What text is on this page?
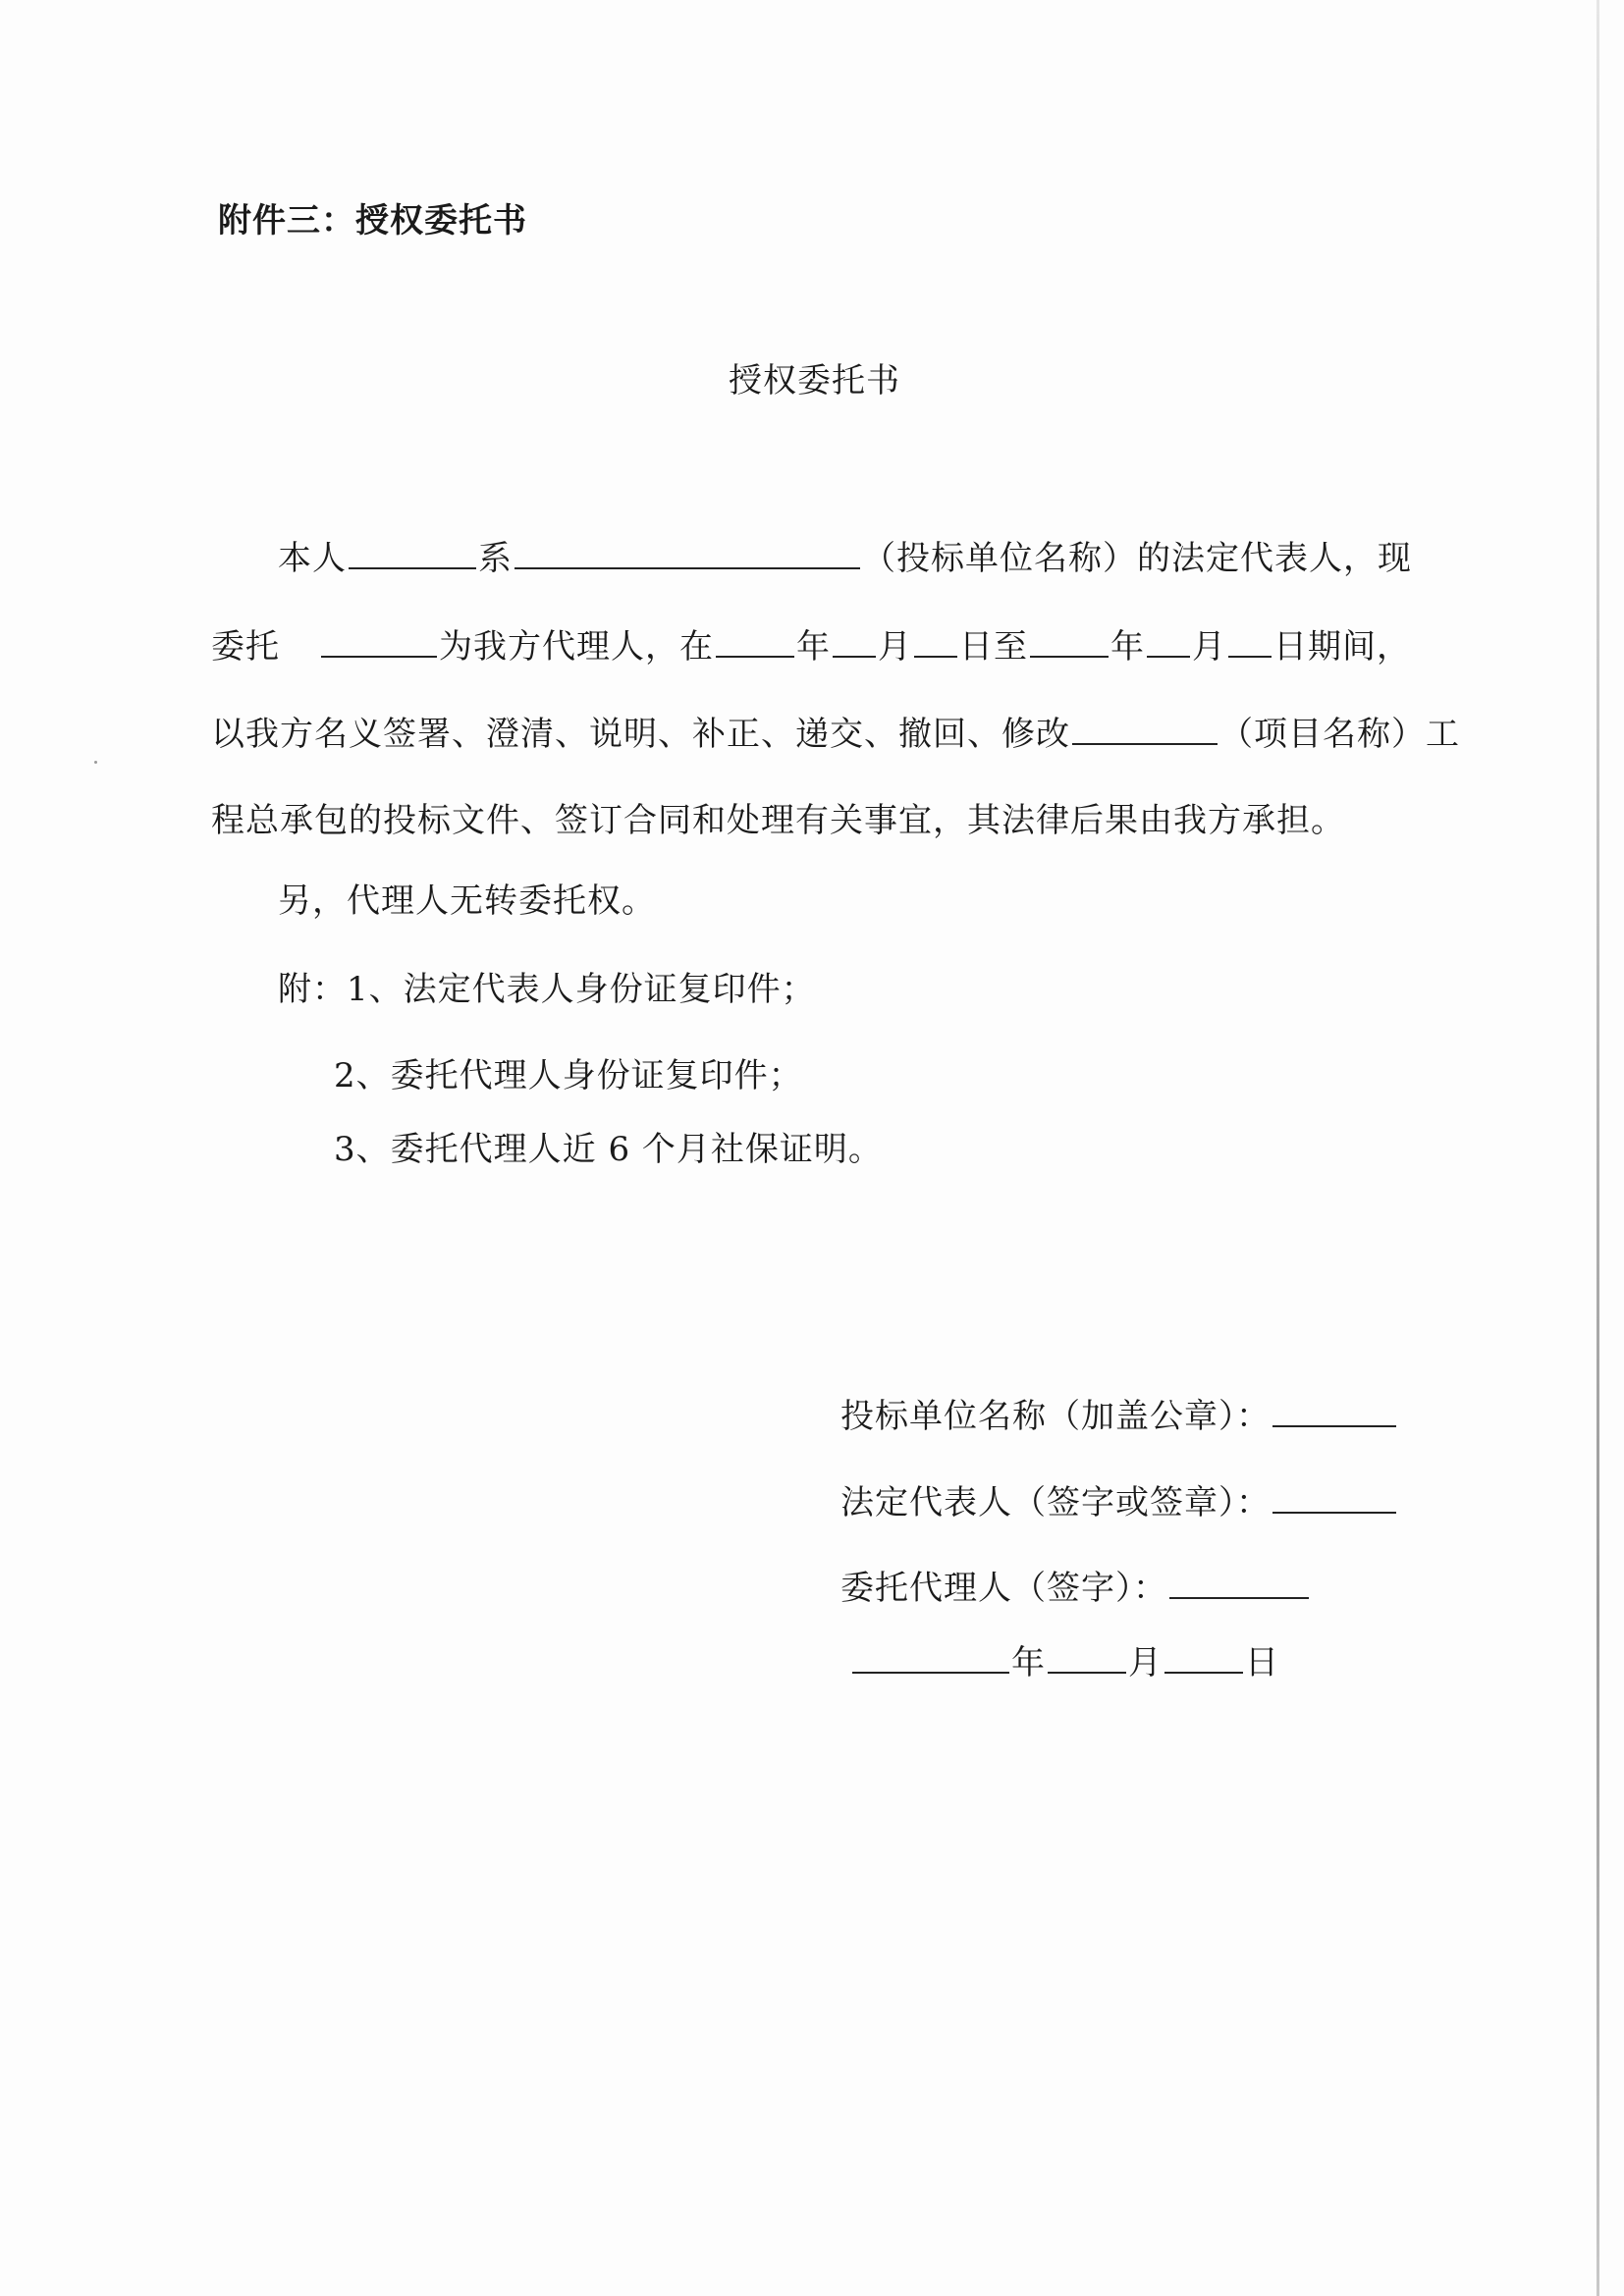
附件三：授权委托书
授权委托书
本人	系	（投标单位名称）的法定代表人，现
委托	为我方代理人，在 年 月 日至 年 月 日期间，
以我方名义签署、澄清、说明、补正、递交、撤回、修改	（项目名称）工
程总承包的投标文件、签订合同和处理有关事宜，其法律后果由我方承担。
另，代理人无转委托权。
附：1、法定代表人身份证复印件；
2、委托代理人身份证复印件；
3、委托代理人近 6 个月社保证明。
投标单位名称（加盖公章）：
法定代表人（签字或签章）：
委托代理人（签字）：
年 月 日
